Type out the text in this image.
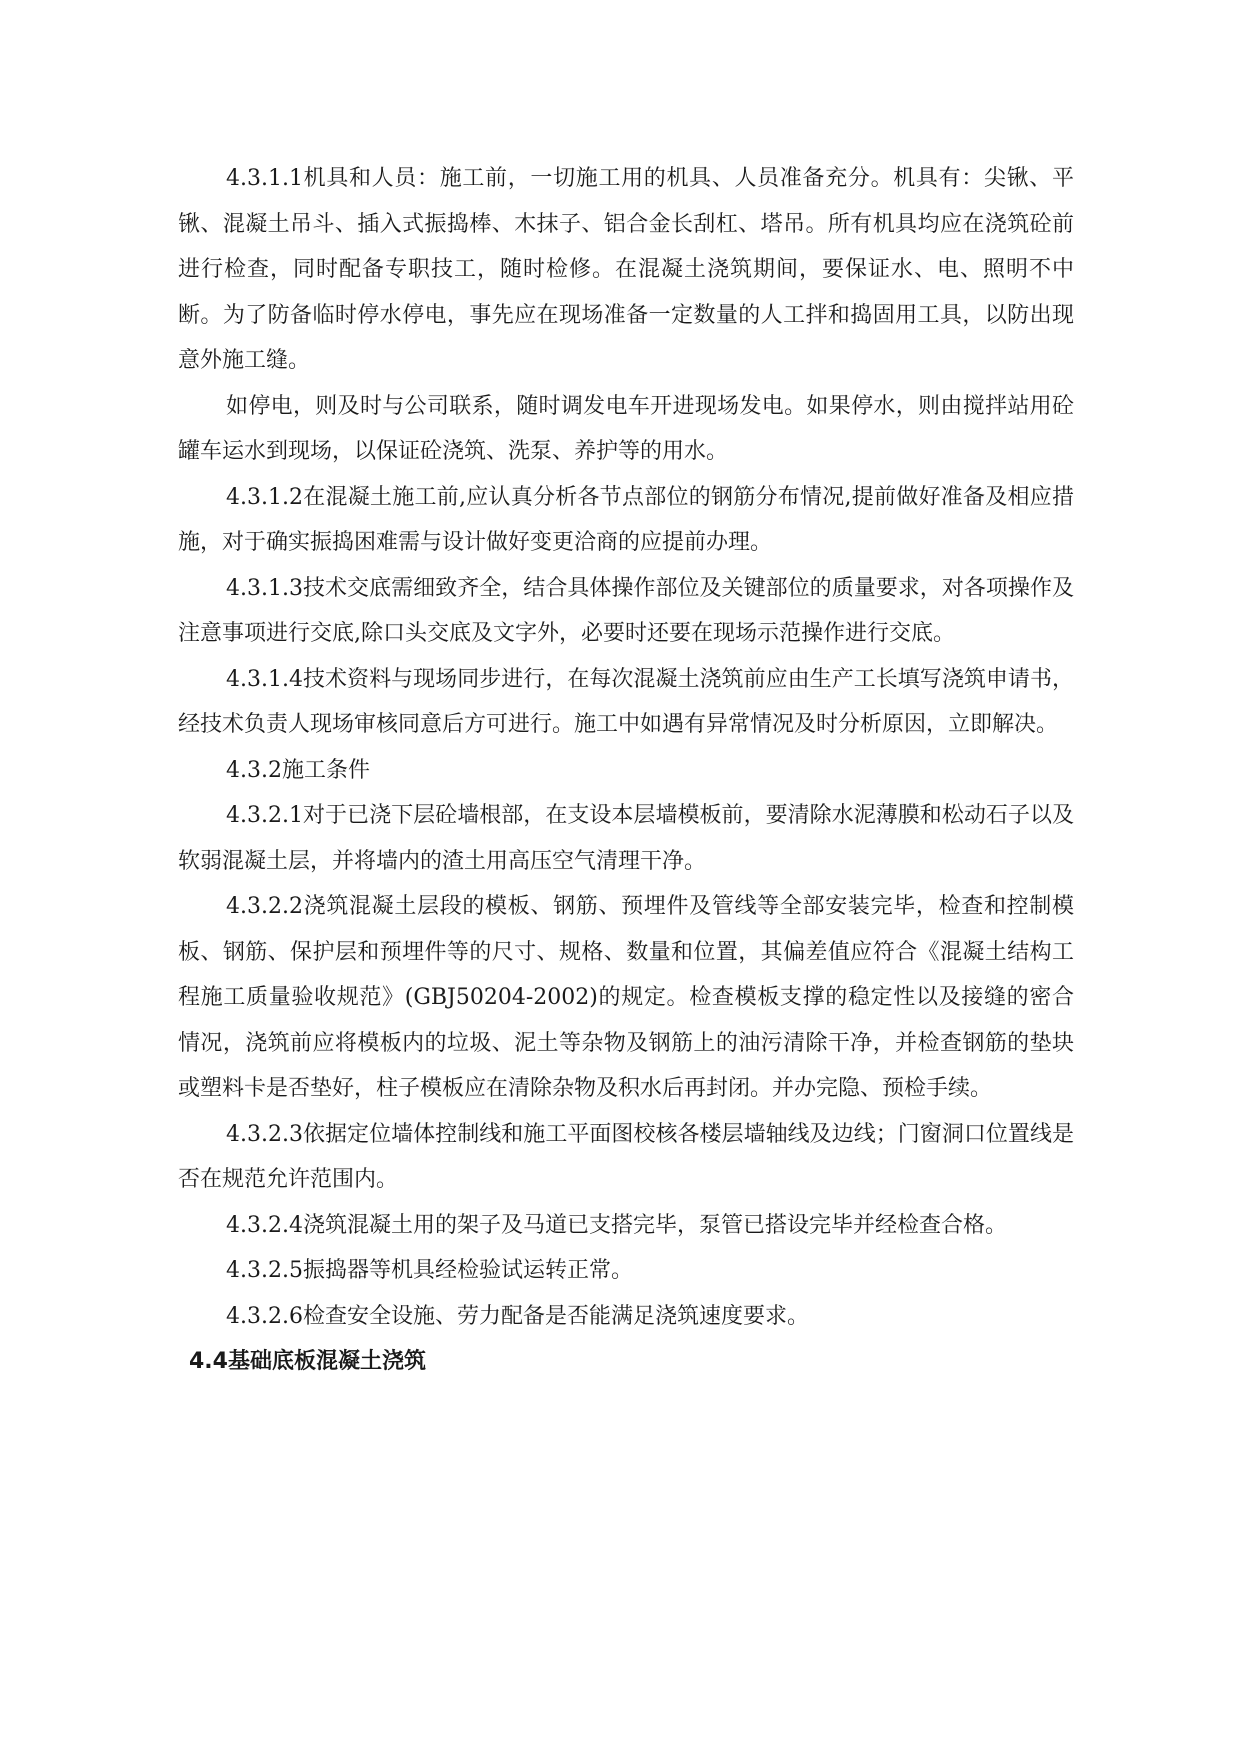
4.3.1.1机具和人员：施工前，一切施工用的机具、人员准备充分。机具有：尖锹、平锹、混凝土吊斗、插入式振捣棒、木抹子、铝合金长刮杠、塔吊。所有机具均应在浇筑砼前进行检查，同时配备专职技工，随时检修。在混凝土浇筑期间，要保证水、电、照明不中断。为了防备临时停水停电，事先应在现场准备一定数量的人工拌和捣固用工具，以防出现意外施工缝。

如停电，则及时与公司联系，随时调发电车开进现场发电。如果停水，则由搅拌站用砼罐车运水到现场，以保证砼浇筑、洗泵、养护等的用水。

4.3.1.2在混凝土施工前,应认真分析各节点部位的钢筋分布情况,提前做好准备及相应措施，对于确实振捣困难需与设计做好变更洽商的应提前办理。

4.3.1.3技术交底需细致齐全，结合具体操作部位及关键部位的质量要求，对各项操作及注意事项进行交底,除口头交底及文字外，必要时还要在现场示范操作进行交底。

4.3.1.4技术资料与现场同步进行，在每次混凝土浇筑前应由生产工长填写浇筑申请书，经技术负责人现场审核同意后方可进行。施工中如遇有异常情况及时分析原因，立即解决。

4.3.2施工条件

4.3.2.1对于已浇下层砼墙根部，在支设本层墙模板前，要清除水泥薄膜和松动石子以及软弱混凝土层，并将墙内的渣土用高压空气清理干净。

4.3.2.2浇筑混凝土层段的模板、钢筋、预埋件及管线等全部安装完毕，检查和控制模板、钢筋、保护层和预埋件等的尺寸、规格、数量和位置，其偏差值应符合《混凝土结构工程施工质量验收规范》(GBJ50204-2002)的规定。检查模板支撑的稳定性以及接缝的密合情况，浇筑前应将模板内的垃圾、泥土等杂物及钢筋上的油污清除干净，并检查钢筋的垫块或塑料卡是否垫好，柱子模板应在清除杂物及积水后再封闭。并办完隐、预检手续。

4.3.2.3依据定位墙体控制线和施工平面图校核各楼层墙轴线及边线；门窗洞口位置线是否在规范允许范围内。

4.3.2.4浇筑混凝土用的架子及马道已支搭完毕，泵管已搭设完毕并经检查合格。

4.3.2.5振捣器等机具经检验试运转正常。

4.3.2.6检查安全设施、劳力配备是否能满足浇筑速度要求。

4.4基础底板混凝土浇筑
